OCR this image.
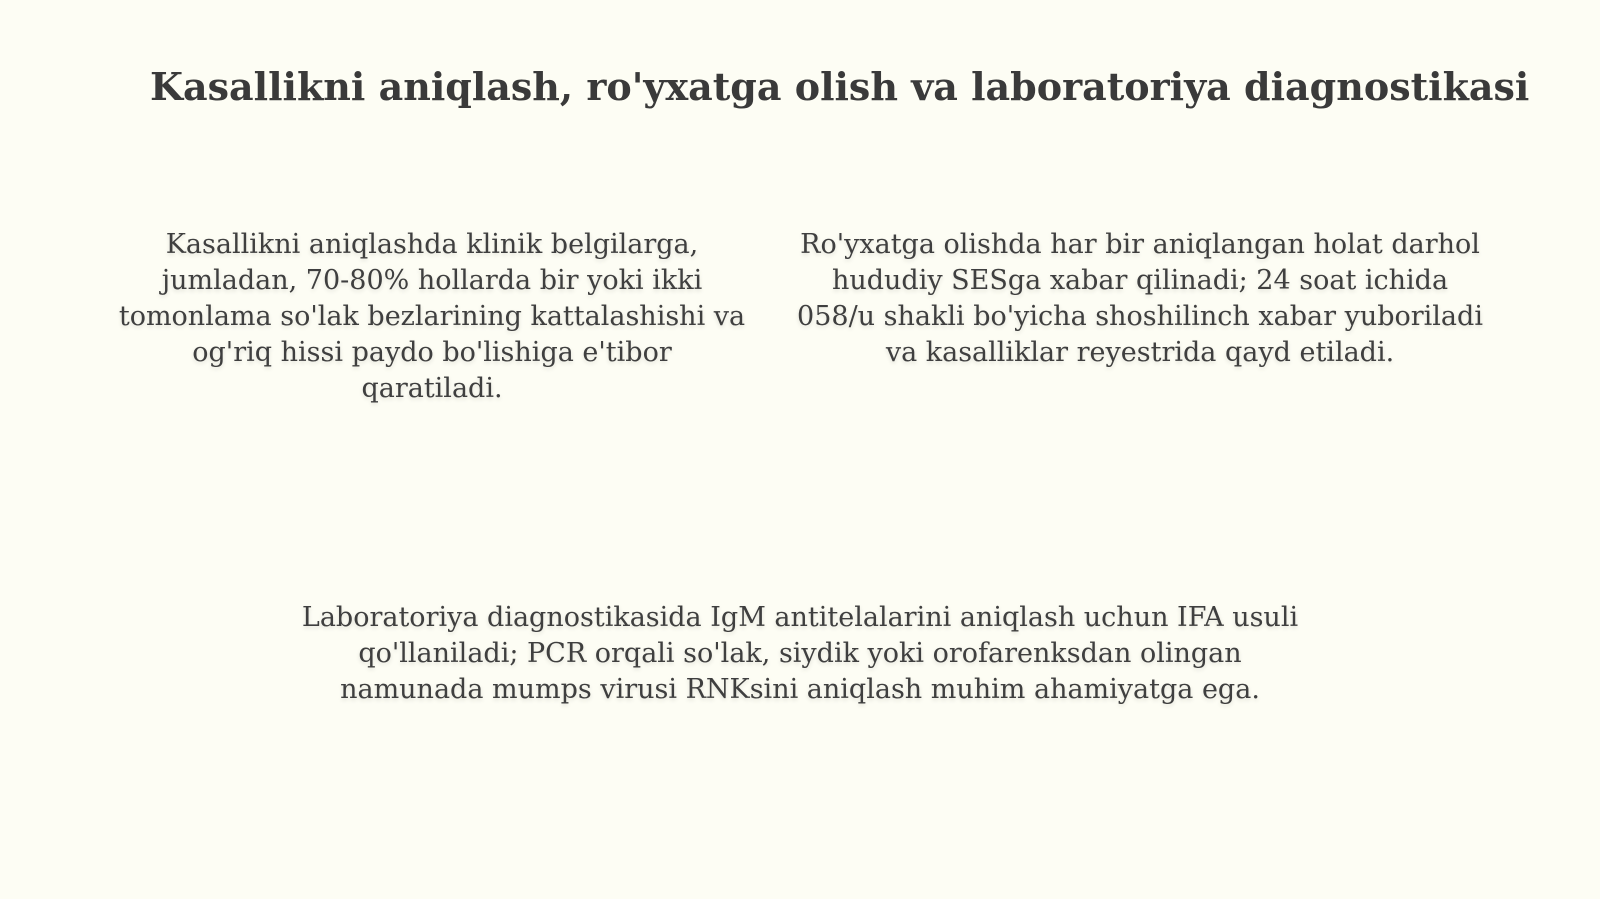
Kasallikni aniqlash, ro'yxatga olish va laboratoriya diagnostikasi

Kasallikni aniqlashda klinik belgilarga, jumladan, 70-80% hollarda bir yoki ikki tomonlama so'lak bezlarining kattalashishi va og'riq hissi paydo bo'lishiga e'tibor qaratiladi.

Ro'yxatga olishda har bir aniqlangan holat darhol hududiy SESga xabar qilinadi; 24 soat ichida 058/u shakli bo'yicha shoshilinch xabar yuboriladi va kasalliklar reyestrida qayd etiladi.

Laboratoriya diagnostikasida IgM antitelalarini aniqlash uchun IFA usuli qo'llaniladi; PCR orqali so'lak, siydik yoki orofarenksdan olingan namunada mumps virusi RNKsini aniqlash muhim ahamiyatga ega.
